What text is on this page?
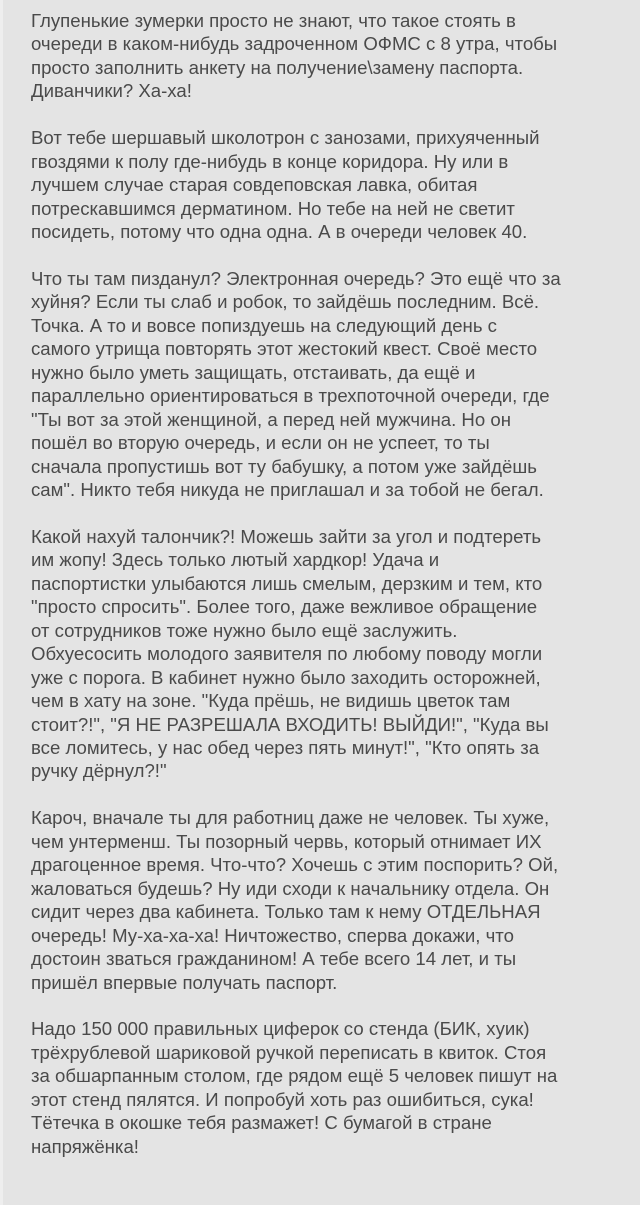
Глупенькие зумерки просто не знают, что такое стоять в
очереди в каком-нибудь задроченном ОФМС с 8 утра, чтобы
просто заполнить анкету на получение\замену паспорта.
Диванчики? Ха-ха!

Вот тебе шершавый школотрон с занозами, прихуяченный
гвоздями к полу где-нибудь в конце коридора. Ну или в
лучшем случае старая совдеповская лавка, обитая
потрескавшимся дерматином. Но тебе на ней не светит
посидеть, потому что одна одна. А в очереди человек 40.

Что ты там пизданул? Электронная очередь? Это ещё что за
хуйня? Если ты слаб и робок, то зайдёшь последним. Всё.
Точка. А то и вовсе попиздуешь на следующий день с
самого утрища повторять этот жестокий квест. Своё место
нужно было уметь защищать, отстаивать, да ещё и
параллельно ориентироваться в трехпоточной очереди, где
"Ты вот за этой женщиной, а перед ней мужчина. Но он
пошёл во вторую очередь, и если он не успеет, то ты
сначала пропустишь вот ту бабушку, а потом уже зайдёшь
сам". Никто тебя никуда не приглашал и за тобой не бегал.

Какой нахуй талончик?! Можешь зайти за угол и подтереть
им жопу! Здесь только лютый хардкор! Удача и
паспортистки улыбаются лишь смелым, дерзким и тем, кто
"просто спросить". Более того, даже вежливое обращение
от сотрудников тоже нужно было ещё заслужить.
Обхуесосить молодого заявителя по любому поводу могли
уже с порога. В кабинет нужно было заходить осторожней,
чем в хату на зоне. "Куда прёшь, не видишь цветок там
стоит?!", "Я НЕ РАЗРЕШАЛА ВХОДИТЬ! ВЫЙДИ!", "Куда вы
все ломитесь, у нас обед через пять минут!", "Кто опять за
ручку дёрнул?!"

Кароч, вначале ты для работниц даже не человек. Ты хуже,
чем унтерменш. Ты позорный червь, который отнимает ИХ
драгоценное время. Что-что? Хочешь с этим поспорить? Ой,
жаловаться будешь? Ну иди сходи к начальнику отдела. Он
сидит через два кабинета. Только там к нему ОТДЕЛЬНАЯ
очередь! Му-ха-ха-ха! Ничтожество, сперва докажи, что
достоин зваться гражданином! А тебе всего 14 лет, и ты
пришёл впервые получать паспорт.

Надо 150 000 правильных циферок со стенда (БИК, хуик)
трёхрублевой шариковой ручкой переписать в квиток. Стоя
за обшарпанным столом, где рядом ещё 5 человек пишут на
этот стенд пялятся. И попробуй хоть раз ошибиться, сука!
Тётечка в окошке тебя размажет! С бумагой в стране
напряжёнка!
